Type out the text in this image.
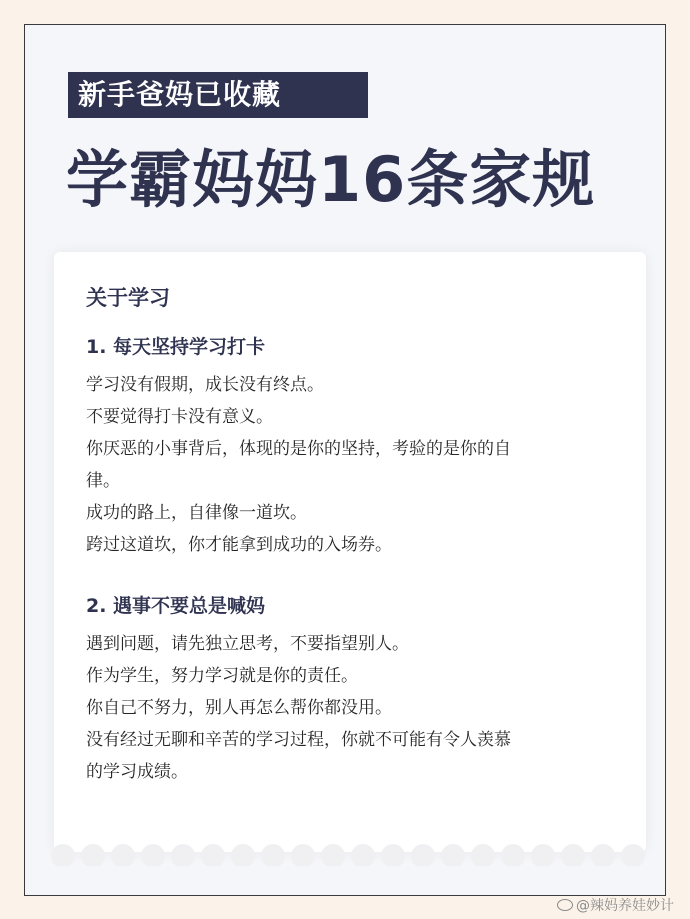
新手爸妈已收藏
学霸妈妈16条家规
关于学习
1. 每天坚持学习打卡
学习没有假期，成长没有终点。
不要觉得打卡没有意义。
你厌恶的小事背后，体现的是你的坚持，考验的是你的自
律。
成功的路上，自律像一道坎。
跨过这道坎，你才能拿到成功的入场券。
2. 遇事不要总是喊妈
遇到问题，请先独立思考，不要指望别人。
作为学生，努力学习就是你的责任。
你自己不努力，别人再怎么帮你都没用。
没有经过无聊和辛苦的学习过程，你就不可能有令人羡慕
的学习成绩。
@辣妈养娃妙计
